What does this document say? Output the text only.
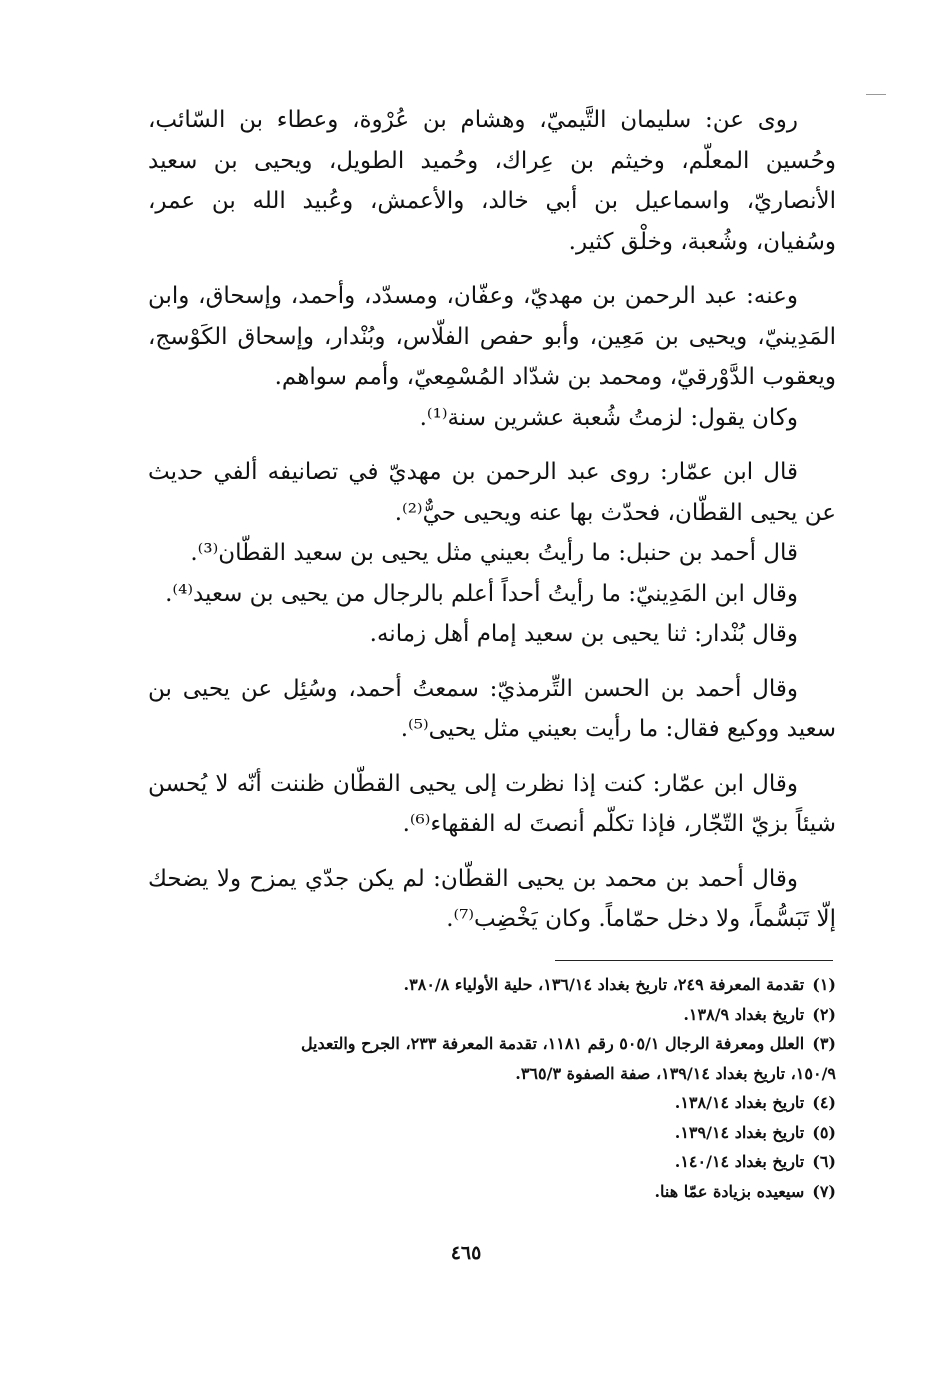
روى عن: سليمان التَّيميّ، وهشام بن عُرْوة، وعطاء بن السّائب، وحُسين المعلّم، وخيثم بن عِراك، وحُميد الطويل، ويحيى بن سعيد الأنصاريّ، واسماعيل بن أبي خالد، والأعمش، وعُبيد الله بن عمر، وسُفيان، وشُعبة، وخلْق كثير.

وعنه: عبد الرحمن بن مهديّ، وعفّان، ومسدّد، وأحمد، وإسحاق، وابن المَدِينيّ، ويحيى بن مَعِين، وأبو حفص الفلّاس، وبُنْدار، وإسحاق الكَوْسج، ويعقوب الدَّوْرقيّ، ومحمد بن شدّاد المُسْمِعيّ، وأمم سواهم.

وكان يقول: لزمتُ شُعبة عشرين سنة⁽¹⁾.

قال ابن عمّار: روى عبد الرحمن بن مهديّ في تصانيفه ألفي حديث عن يحيى القطّان، فحدّث بها عنه ويحيى حيٌّ⁽²⁾.

قال أحمد بن حنبل: ما رأيتُ بعيني مثل يحيى بن سعيد القطّان⁽³⁾.

وقال ابن المَدِينيّ: ما رأيتُ أحداً أعلم بالرجال من يحيى بن سعيد⁽⁴⁾.

وقال بُنْدار: ثنا يحيى بن سعيد إمام أهل زمانه.

وقال أحمد بن الحسن التِّرمذيّ: سمعتُ أحمد، وسُئِل عن يحيى بن سعيد ووكيع فقال: ما رأيت بعيني مثل يحيى⁽⁵⁾.

وقال ابن عمّار: كنت إذا نظرت إلى يحيى القطّان ظننت أنّه لا يُحسن شيئاً بزيّ التّجّار، فإذا تكلّم أنصتَ له الفقهاء⁽⁶⁾.

وقال أحمد بن محمد بن يحيى القطّان: لم يكن جدّي يمزح ولا يضحك إلّا تَبَسُّماً، ولا دخل حمّاماً. وكان يَخْضِب⁽⁷⁾.

(١)تقدمة المعرفة ٢٤٩، تاريخ بغداد ١٣٦/١٤، حلية الأولياء ٣٨٠/٨.

(٢)تاريخ بغداد ١٣٨/٩.

(٣)العلل ومعرفة الرجال ٥٠٥/١ رقم ١١٨١، تقدمة المعرفة ٢٣٣، الجرح والتعديل

١٥٠/٩، تاريخ بغداد ١٣٩/١٤، صفة الصفوة ٣٦٥/٣.

(٤)تاريخ بغداد ١٣٨/١٤.

(٥)تاريخ بغداد ١٣٩/١٤.

(٦)تاريخ بغداد ١٤٠/١٤.

(٧)سيعيده بزيادة عمّا هنا.

٤٦٥
